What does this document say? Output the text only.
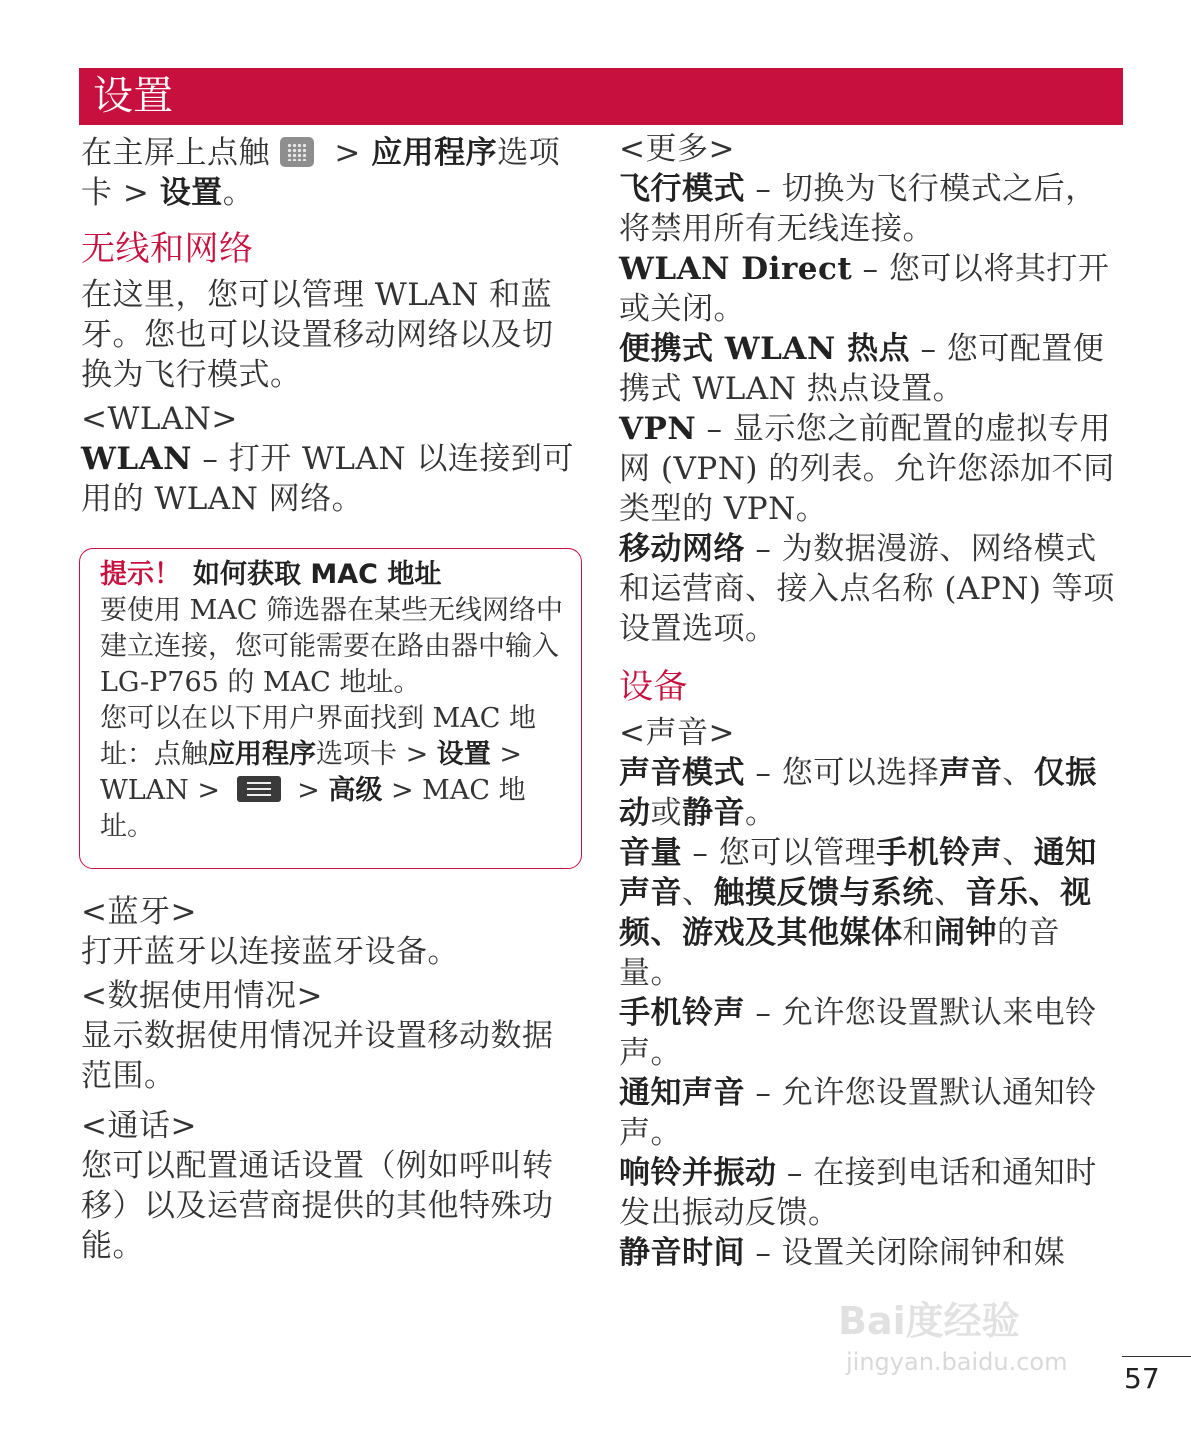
设置

在主屏上点触 > 应用程序选项卡 > 设置。

无线和网络

在这里，您可以管理 WLAN 和蓝牙。您也可以设置移动网络以及切换为飞行模式。

<WLAN>

WLAN – 打开 WLAN 以连接到可用的 WLAN 网络。

提示！ 如何获取 MAC 地址

要使用 MAC 筛选器在某些无线网络中建立连接，您可能需要在路由器中输入 LG-P765 的 MAC 地址。

您可以在以下用户界面找到 MAC 地址：点触应用程序选项卡 > 设置 > WLAN >  > 高级 > MAC 地址。

<蓝牙>

打开蓝牙以连接蓝牙设备。

<数据使用情况>

显示数据使用情况并设置移动数据范围。

<通话>

您可以配置通话设置（例如呼叫转移）以及运营商提供的其他特殊功能。

<更多>

飞行模式 – 切换为飞行模式之后，将禁用所有无线连接。

WLAN Direct – 您可以将其打开或关闭。

便携式 WLAN 热点 – 您可配置便携式 WLAN 热点设置。

VPN – 显示您之前配置的虚拟专用网 (VPN) 的列表。允许您添加不同类型的 VPN。

移动网络 – 为数据漫游、网络模式和运营商、接入点名称 (APN) 等项设置选项。

设备

<声音>

声音模式 – 您可以选择声音、仅振动或静音。

音量 – 您可以管理手机铃声、通知声音、触摸反馈与系统、音乐、视频、游戏及其他媒体和闹钟的音量。

手机铃声 – 允许您设置默认来电铃声。

通知声音 – 允许您设置默认通知铃声。

响铃并振动 – 在接到电话和通知时发出振动反馈。

静音时间 – 设置关闭除闹钟和媒

Bai度经验
jingyan.baidu.com 57
